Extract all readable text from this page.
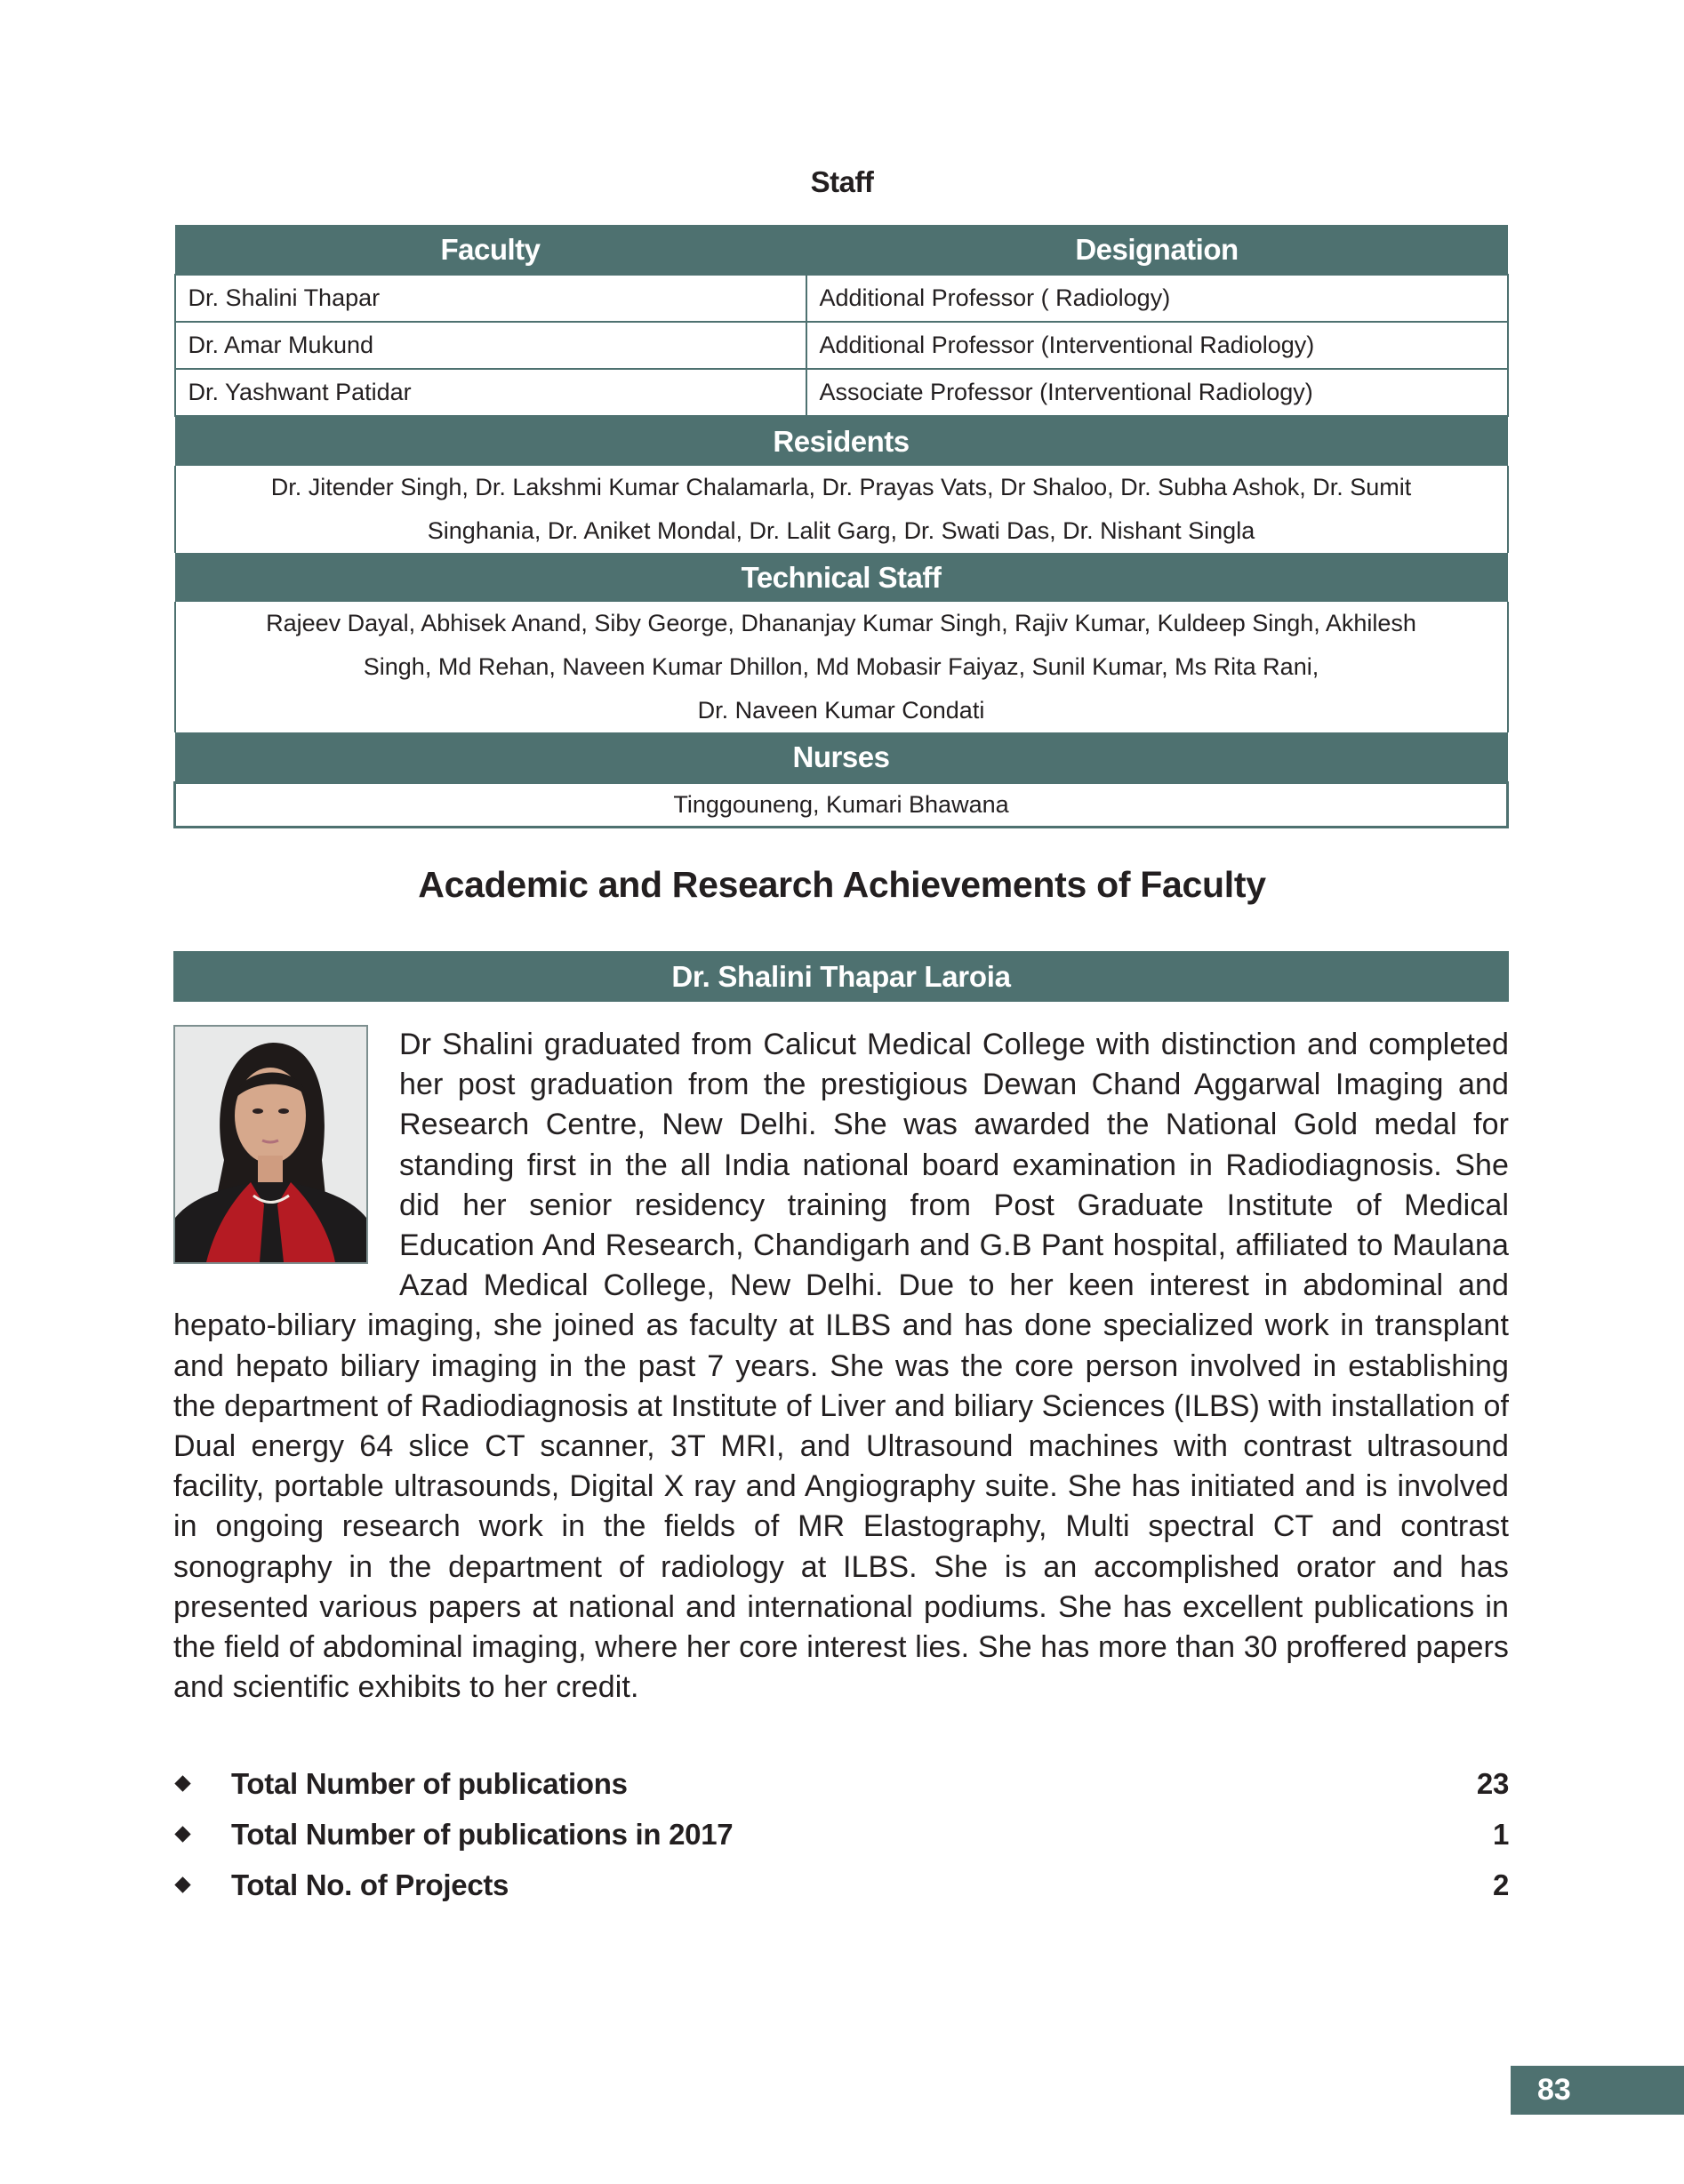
Staff
Faculty	Designation
Dr. Shalini Thapar	Additional Professor ( Radiology)
Dr. Amar Mukund	Additional Professor (Interventional Radiology)
Dr. Yashwant Patidar	Associate Professor (Interventional Radiology)
Residents	

Dr. Jitender Singh, Dr. Lakshmi Kumar Chalamarla, Dr. Prayas Vats, Dr Shaloo, Dr. Subha Ashok, Dr. Sumit
Singhania, Dr. Aniket Mondal, Dr. Lalit Garg, Dr. Swati Das, Dr. Nishant Singla	

Technical Staff	

Rajeev Dayal, Abhisek Anand, Siby George, Dhananjay Kumar Singh, Rajiv Kumar, Kuldeep Singh, Akhilesh
Singh, Md Rehan, Naveen Kumar Dhillon, Md Mobasir Faiyaz, Sunil Kumar, Ms Rita Rani,
Dr. Naveen Kumar Condati	

Nurses	

Tinggouneng, Kumari Bhawana	
Academic and Research Achievements of Faculty
Dr. Shalini Thapar Laroia

Dr Shalini graduated from Calicut Medical College with distinction and completed her post graduation from the prestigious Dewan Chand Aggarwal Imaging and Research Centre, New Delhi. She was awarded the National Gold medal for standing first in the all India national board examination in Radiodiagnosis. She did her senior residency training from Post Graduate Institute of Medical Education And Research, Chandigarh and G.B Pant hospital, affiliated to Maulana Azad Medical College, New Delhi. Due to her keen interest in abdominal and hepato-biliary imaging, she joined as faculty at ILBS and has done specialized work in transplant and hepato biliary imaging in the past 7 years. She was the core person involved in establishing the department of Radiodiagnosis at Institute of Liver and biliary Sciences (ILBS) with installation of Dual energy 64 slice CT scanner, 3T MRI, and Ultrasound machines with contrast ultrasound facility, portable ultrasounds, Digital X ray and Angiography suite. She has initiated and is involved in ongoing research work in the fields of MR Elastography, Multi spectral CT and contrast sonography in the department of radiology at ILBS. She is an accomplished orator and has presented various papers at national and international podiums. She has excellent publications in the field of abdominal imaging, where her core interest lies. She has more than 30 proffered papers and scientific exhibits to her credit.

Total Number of publications	23
Total Number of publications in 2017	1
Total No. of Projects	2
83
